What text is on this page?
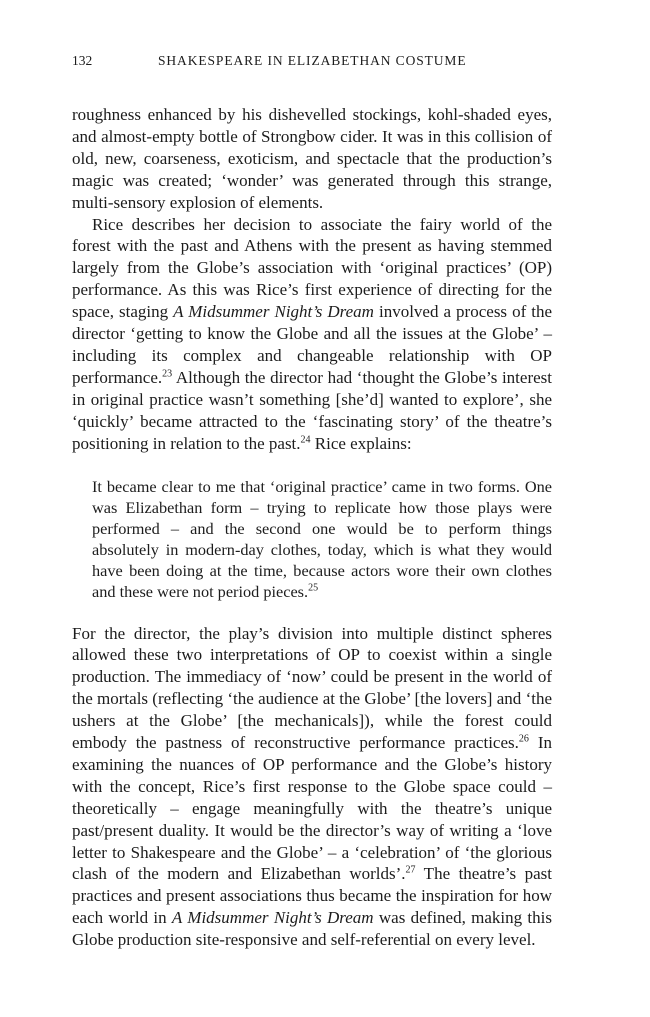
132	SHAKESPEARE IN ELIZABETHAN COSTUME

roughness enhanced by his dishevelled stockings, kohl-shaded eyes, and almost-empty bottle of Strongbow cider. It was in this collision of old, new, coarseness, exoticism, and spectacle that the production’s magic was created; ‘wonder’ was generated through this strange, multi-sensory explosion of elements.

Rice describes her decision to associate the fairy world of the forest with the past and Athens with the present as having stemmed largely from the Globe’s association with ‘original practices’ (OP) performance. As this was Rice’s first experience of directing for the space, staging A Midsummer Night’s Dream involved a process of the director ‘getting to know the Globe and all the issues at the Globe’ – including its complex and changeable relationship with OP performance.$^{23}$ Although the director had ‘thought the Globe’s interest in original practice wasn’t something [she’d] wanted to explore’, she ‘quickly’ became attracted to the ‘fascinating story’ of the theatre’s positioning in relation to the past.$^{24}$ Rice explains:

It became clear to me that ‘original practice’ came in two forms. One was Elizabethan form – trying to replicate how those plays were performed – and the second one would be to perform things absolutely in modern-day clothes, today, which is what they would have been doing at the time, because actors wore their own clothes and these were not period pieces.$^{25}$

For the director, the play’s division into multiple distinct spheres allowed these two interpretations of OP to coexist within a single production. The immediacy of ‘now’ could be present in the world of the mortals (reflecting ‘the audience at the Globe’ [the lovers] and ‘the ushers at the Globe’ [the mechanicals]), while the forest could embody the pastness of reconstructive performance practices.$^{26}$ In examining the nuances of OP performance and the Globe’s history with the concept, Rice’s first response to the Globe space could – theoretically – engage meaningfully with the theatre’s unique past/present duality. It would be the director’s way of writing a ‘love letter to Shakespeare and the Globe’ – a ‘celebration’ of ‘the glorious clash of the modern and Elizabethan worlds’.$^{27}$ The theatre’s past practices and present associations thus became the inspiration for how each world in A Midsummer Night’s Dream was defined, making this Globe production site-responsive and self-referential on every level.
